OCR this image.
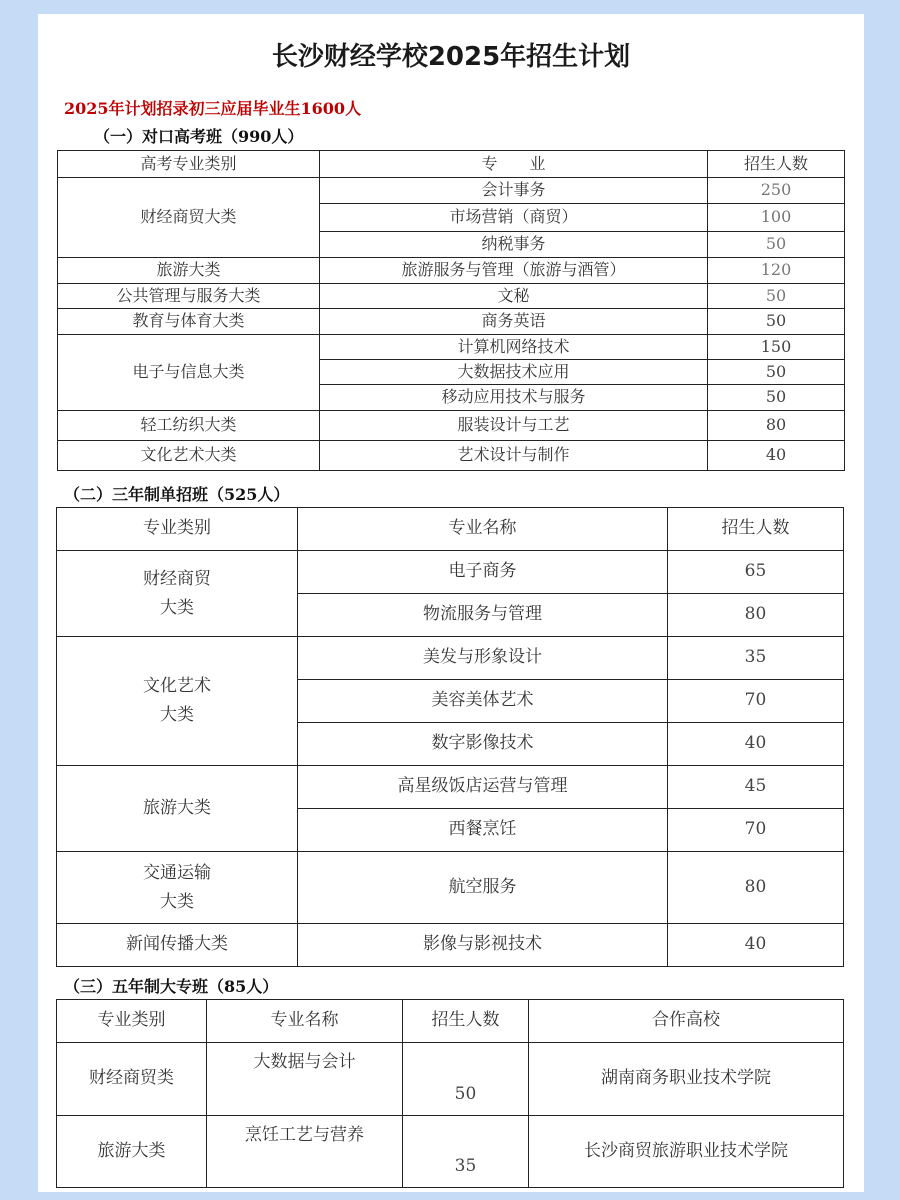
长沙财经学校2025年招生计划
2025年计划招录初三应届毕业生1600人
（一）对口高考班（990人）
高考专业类别	专　　业	招生人数
财经商贸大类	会计事务	250
	市场营销（商贸）	100
	纳税事务	50
旅游大类	旅游服务与管理（旅游与酒管）	120
公共管理与服务大类	文秘	50
教育与体育大类	商务英语	50
电子与信息大类	计算机网络技术	150
	大数据技术应用	50
	移动应用技术与服务	50
轻工纺织大类	服装设计与工艺	80
文化艺术大类	艺术设计与制作	40
（二）三年制单招班（525人）
专业类别	专业名称	招生人数
财经商贸
大类	电子商务	65
	物流服务与管理	80
文化艺术
大类	美发与形象设计	35
	美容美体艺术	70
	数字影像技术	40
旅游大类	高星级饭店运营与管理	45
	西餐烹饪	70
交通运输
大类	航空服务	80
新闻传播大类	影像与影视技术	40
（三）五年制大专班（85人）
专业类别	专业名称	招生人数	合作高校
财经商贸类	大数据与会计	50	湖南商务职业技术学院
旅游大类	烹饪工艺与营养	35	长沙商贸旅游职业技术学院
